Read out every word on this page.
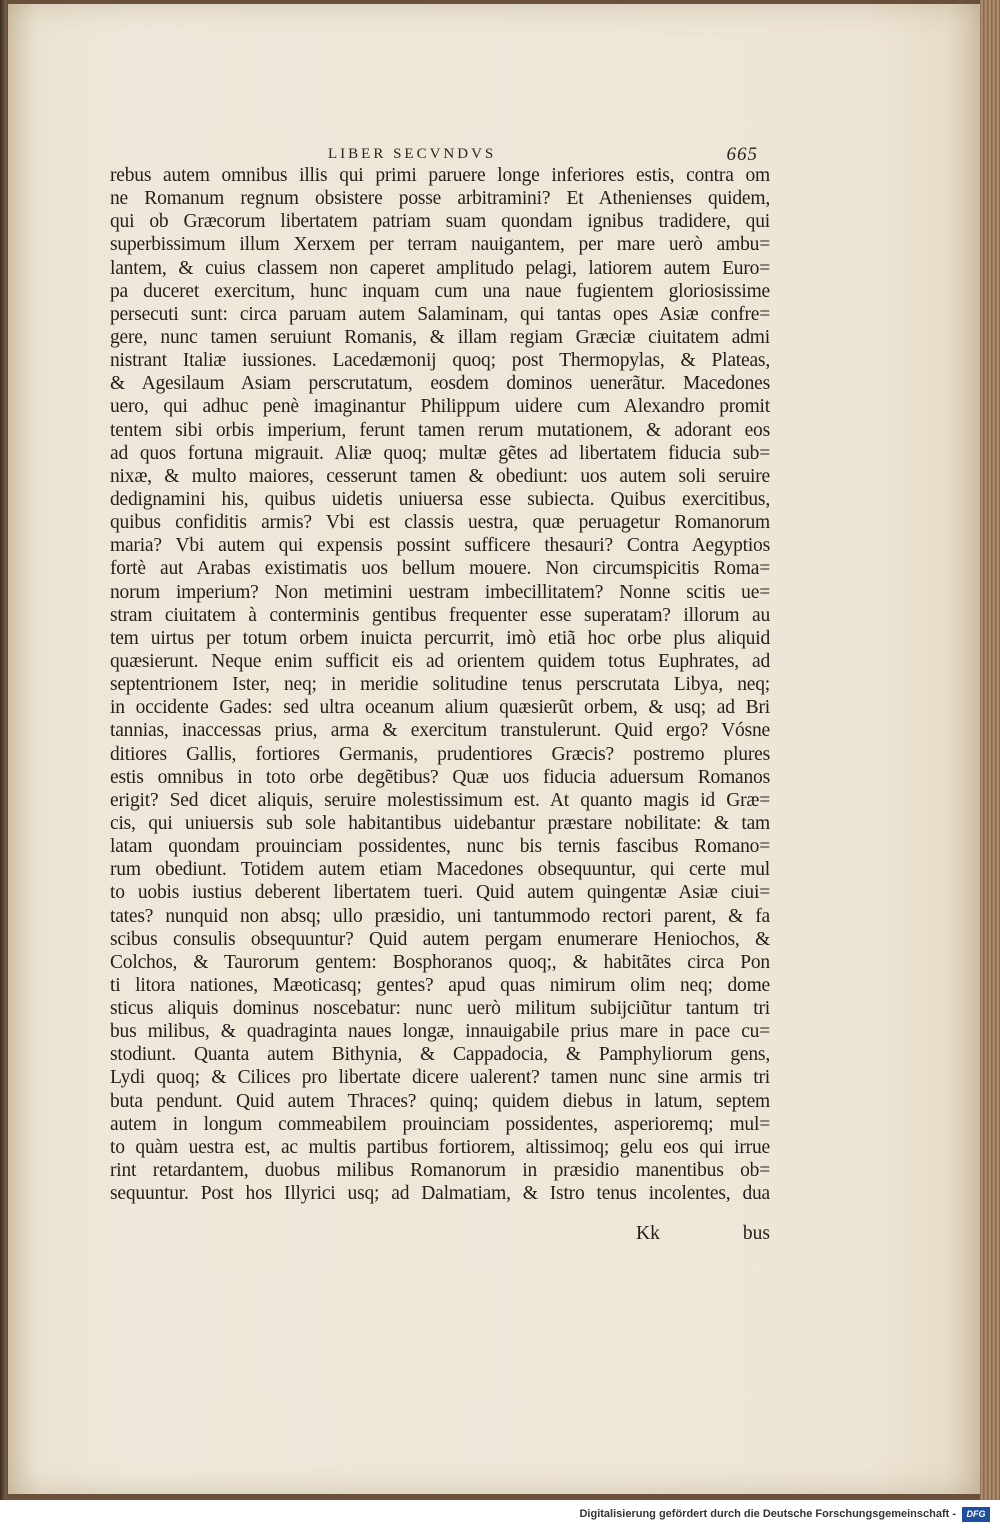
LIBER SECVNDVS	665
rebus autem omnibus illis qui primi paruere longe inferiores estis, contra om
ne Romanum regnum obsistere posse arbitramini? Et Athenienses quidem,
qui ob Græcorum libertatem patriam suam quondam ignibus tradidere, qui
superbissimum illum Xerxem per terram nauigantem, per mare uerò ambu=
lantem, & cuius classem non caperet amplitudo pelagi, latiorem autem Euro=
pa duceret exercitum, hunc inquam cum una naue fugientem gloriosissime
persecuti sunt: circa paruam autem Salaminam, qui tantas opes Asiæ confre=
gere, nunc tamen seruiunt Romanis, & illam regiam Græciæ ciuitatem admi
nistrant Italiæ iussiones. Lacedæmonij quoq; post Thermopylas, & Plateas,
& Agesilaum Asiam perscrutatum, eosdem dominos uenerãtur. Macedones
uero, qui adhuc penè imaginantur Philippum uidere cum Alexandro promit
tentem sibi orbis imperium, ferunt tamen rerum mutationem, & adorant eos
ad quos fortuna migrauit. Aliæ quoq; multæ gẽtes ad libertatem fiducia sub=
nixæ, & multo maiores, cesserunt tamen & obediunt: uos autem soli seruire
dedignamini his, quibus uidetis uniuersa esse subiecta. Quibus exercitibus,
quibus confiditis armis? Vbi est classis uestra, quæ peruagetur Romanorum
maria? Vbi autem qui expensis possint sufficere thesauri? Contra Aegyptios
fortè aut Arabas existimatis uos bellum mouere. Non circumspicitis Roma=
norum imperium? Non metimini uestram imbecillitatem? Nonne scitis ue=
stram ciuitatem à conterminis gentibus frequenter esse superatam? illorum au
tem uirtus per totum orbem inuicta percurrit, imò etiã hoc orbe plus aliquid
quæsierunt. Neque enim sufficit eis ad orientem quidem totus Euphrates, ad
septentrionem Ister, neq; in meridie solitudine tenus perscrutata Libya, neq;
in occidente Gades: sed ultra oceanum alium quæsierũt orbem, & usq; ad Bri
tannias, inaccessas prius, arma & exercitum transtulerunt. Quid ergo? Vósne
ditiores Gallis, fortiores Germanis, prudentiores Græcis? postremo plures
estis omnibus in toto orbe degẽtibus? Quæ uos fiducia aduersum Romanos
erigit? Sed dicet aliquis, seruire molestissimum est. At quanto magis id Græ=
cis, qui uniuersis sub sole habitantibus uidebantur præstare nobilitate: & tam
latam quondam prouinciam possidentes, nunc bis ternis fascibus Romano=
rum obediunt. Totidem autem etiam Macedones obsequuntur, qui certe mul
to uobis iustius deberent libertatem tueri. Quid autem quingentæ Asiæ ciui=
tates? nunquid non absq; ullo præsidio, uni tantummodo rectori parent, & fa
scibus consulis obsequuntur? Quid autem pergam enumerare Heniochos, &
Colchos, & Taurorum gentem: Bosphoranos quoq;, & habitãtes circa Pon
ti litora nationes, Mæoticasq; gentes? apud quas nimirum olim neq; dome
sticus aliquis dominus noscebatur: nunc uerò militum subijciũtur tantum tri
bus milibus, & quadraginta naues longæ, innauigabile prius mare in pace cu=
stodiunt. Quanta autem Bithynia, & Cappadocia, & Pamphyliorum gens,
Lydi quoq; & Cilices pro libertate dicere ualerent? tamen nunc sine armis tri
buta pendunt. Quid autem Thraces? quinq; quidem diebus in latum, septem
autem in longum commeabilem prouinciam possidentes, asperioremq; mul=
to quàm uestra est, ac multis partibus fortiorem, altissimoq; gelu eos qui irrue
rint retardantem, duobus milibus Romanorum in præsidio manentibus ob=
sequuntur. Post hos Illyrici usq; ad Dalmatiam, & Istro tenus incolentes, dua
Kk	bus
Digitalisierung gefördert durch die Deutsche Forschungsgemeinschaft -	DFG
